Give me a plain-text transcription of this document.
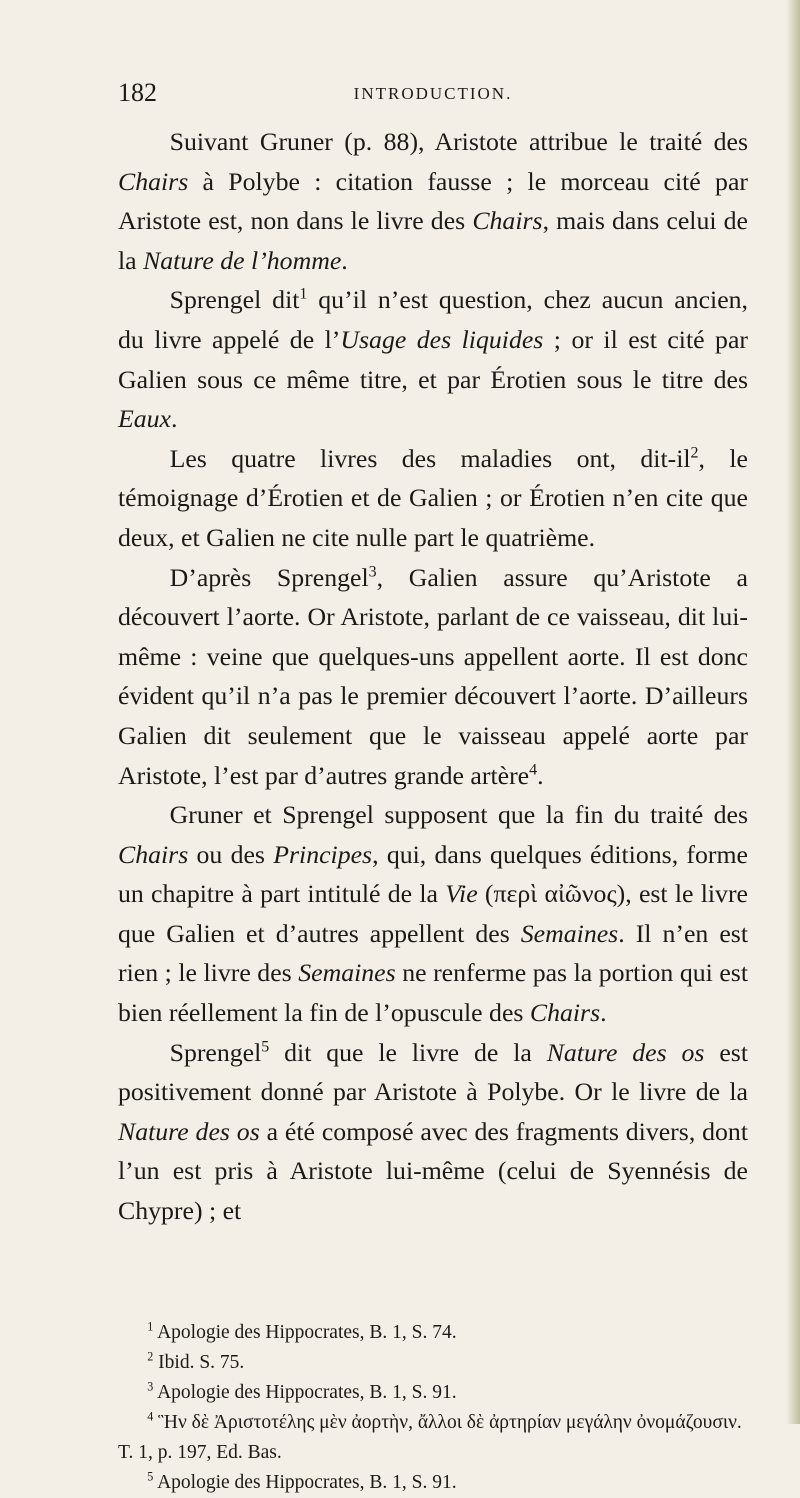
182	INTRODUCTION.

Suivant Gruner (p. 88), Aristote attribue le traité des Chairs à Polybe : citation fausse ; le morceau cité par Aristote est, non dans le livre des Chairs, mais dans celui de la Nature de l’homme.

Sprengel dit$^1$ qu’il n’est question, chez aucun ancien, du livre appelé de l’Usage des liquides ; or il est cité par Galien sous ce même titre, et par Érotien sous le titre des Eaux.

Les quatre livres des maladies ont, dit-$il^2$, le témoignage d’Érotien et de Galien ; or Érotien n’en cite que deux, et Galien ne cite nulle part le quatrième.

D’après Sprengel$^3$, Galien assure qu’Aristote a découvert l’aorte. Or Aristote, parlant de ce vaisseau, dit lui-même : veine que quelques-uns appellent aorte. Il est donc évident qu’il n’a pas le premier découvert l’aorte. D’ailleurs Galien dit seulement que le vaisseau appelé aorte par Aristote, l’est par d’autres grande artère$^4$.

Gruner et Sprengel supposent que la fin du traité des Chairs ou des Principes, qui, dans quelques éditions, forme un chapitre à part intitulé de la Vie (περὶ αἰῶνος), est le livre que Galien et d’autres appellent des Semaines. Il n’en est rien ; le livre des Semaines ne renferme pas la portion qui est bien réellement la fin de l’opuscule des Chairs.

Sprengel$^5$ dit que le livre de la Nature des os est positivement donné par Aristote à Polybe. Or le livre de la Nature des os a été composé avec des fragments divers, dont l’un est pris à Aristote lui-même (celui de Syennésis de Chypre) ; et

$^1$ Apologie des Hippocrates, B. 1, S. 74.

$^2$ Ibid. S. 75.

$^3$ Apologie des Hippocrates, B. 1, S. 91.

$^4$ Ἣν δὲ Ἀριστοτέλης μὲν ἀορτὴν, ἄλλοι δὲ ἀρτηρίαν μεγάλην ὀνομάζουσιν. T. 1, p. 197, Ed. Bas.

$^5$ Apologie des Hippocrates, B. 1, S. 91.
